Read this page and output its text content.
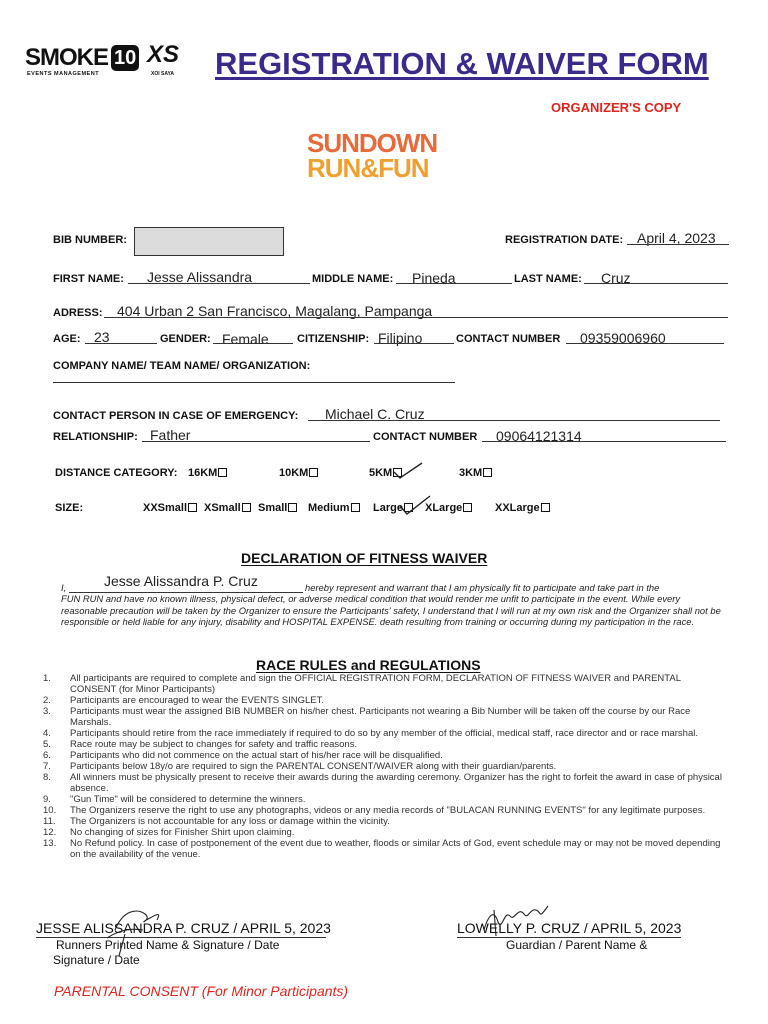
SMOKE 10
EVENTS MANAGEMENT
XS
XOI SAYA REGISTRATION & WAIVER FORM
ORGANIZER'S COPY
SUNDOWN
RUN&FUN
BIB NUMBER:	REGISTRATION DATE: April 4, 2023
FIRST NAME: Jesse Alissandra	MIDDLE NAME: Pineda	LAST NAME: Cruz
ADRESS: 404 Urban 2 San Francisco, Magalang, Pampanga
AGE: 23	GENDER: Female	CITIZENSHIP: Filipino	CONTACT NUMBER 09359006960
COMPANY NAME/ TEAM NAME/ ORGANIZATION:
CONTACT PERSON IN CASE OF EMERGENCY: Michael C. Cruz
RELATIONSHIP: Father	CONTACT NUMBER 09064121314
DISTANCE CATEGORY: 16KM	10KM	5KM	3KM
SIZE:	XXSmall	XSmall	Small	Medium	Large	XLarge	XXLarge
DECLARATION OF FITNESS WAIVER
I,	Jesse Alissandra P. Cruz	hereby represent and warrant that I am physically fit to participate and take part in the
FUN RUN and have no known illness, physical defect, or adverse medical condition that would render me unfit to participate in the event. While every reasonable precaution will be taken by the Organizer to ensure the Participants' safety, I understand that I will run at my own risk and the Organizer shall not be responsible or held liable for any injury, disability and HOSPITAL EXPENSE. death resulting from training or occurring during my participation in the race.
RACE RULES and REGULATIONS
1.	All participants are required to complete and sign the OFFICIAL REGISTRATION FORM, DECLARATION OF FITNESS WAIVER and PARENTAL CONSENT (for Minor Participants)
2.	Participants are encouraged to wear the EVENTS SINGLET.
3.	Participants must wear the assigned BIB NUMBER on his/her chest. Participants not wearing a Bib Number will be taken off the course by our Race Marshals.
4.	Participants should retire from the race immediately if required to do so by any member of the official, medical staff, race director and or race marshal.
5.	Race route may be subject to changes for safety and traffic reasons.
6.	Participants who did not commence on the actual start of his/her race will be disqualified.
7.	Participants below 18y/o are required to sign the PARENTAL CONSENT/WAIVER along with their guardian/parents.
8.	All winners must be physically present to receive their awards during the awarding ceremony. Organizer has the right to forfeit the award in case of physical absence.
9.	"Gun Time" will be considered to determine the winners.
10.	The Organizers reserve the right to use any photographs, videos or any media records of "BULACAN RUNNING EVENTS" for any legitimate purposes.
11.	The Organizers is not accountable for any loss or damage within the vicinity.
12.	No changing of sizes for Finisher Shirt upon claiming.
13.	No Refund policy. In case of postponement of the event due to weather, floods or similar Acts of God, event schedule may or may not be moved depending on the availability of the venue.
JESSE ALISSANDRA P. CRUZ / APRIL 5, 2023
Runners Printed Name & Signature / Date
Signature / Date
LOWELLY P. CRUZ / APRIL 5, 2023
Guardian / Parent Name &
PARENTAL CONSENT (For Minor Participants)
